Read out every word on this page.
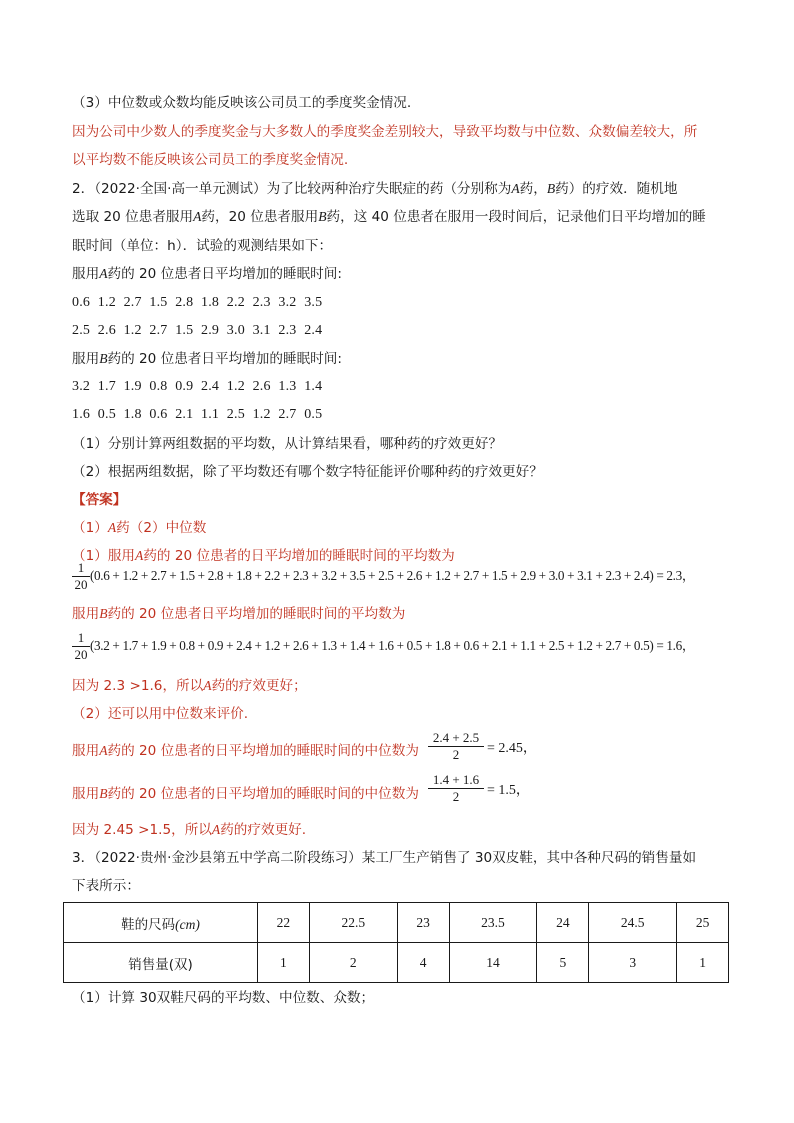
（3）中位数或众数均能反映该公司员工的季度奖金情况.
因为公司中少数人的季度奖金与大多数人的季度奖金差别较大，导致平均数与中位数、众数偏差较大，所
以平均数不能反映该公司员工的季度奖金情况.
2．（2022·全国·高一单元测试）为了比较两种治疗失眠症的药（分别称为A药，B药）的疗效．随机地
选取 20 位患者服用A药，20 位患者服用B药，这 40 位患者在服用一段时间后，记录他们日平均增加的睡
眠时间（单位：h）．试验的观测结果如下：
服用A药的 20 位患者日平均增加的睡眠时间:
0.6 1.2 2.7 1.5 2.8 1.8 2.2 2.3 3.2 3.5
2.5 2.6 1.2 2.7 1.5 2.9 3.0 3.1 2.3 2.4
服用B药的 20 位患者日平均增加的睡眠时间:
3.2 1.7 1.9 0.8 0.9 2.4 1.2 2.6 1.3 1.4
1.6 0.5 1.8 0.6 2.1 1.1 2.5 1.2 2.7 0.5
（1）分别计算两组数据的平均数，从计算结果看，哪种药的疗效更好？
（2）根据两组数据，除了平均数还有哪个数字特征能评价哪种药的疗效更好？
【答案】
（1）A药（2）中位数
（1）服用A药的 20 位患者的日平均增加的睡眠时间的平均数为
1
20
(0.6 + 1.2 + 2.7 + 1.5 + 2.8 + 1.8 + 2.2 + 2.3 + 3.2 + 3.5 + 2.5 + 2.6 + 1.2 + 2.7 + 1.5 + 2.9 + 3.0 + 3.1 + 2.3 + 2.4) = 2.3，
服用B药的 20 位患者日平均增加的睡眠时间的平均数为
1
20
(3.2 + 1.7 + 1.9 + 0.8 + 0.9 + 2.4 + 1.2 + 2.6 + 1.3 + 1.4 + 1.6 + 0.5 + 1.8 + 0.6 + 2.1 + 1.1 + 2.5 + 1.2 + 2.7 + 0.5) = 1.6，
因为 2.3 >1.6，所以A药的疗效更好；
（2）还可以用中位数来评价.
服用A药的 20 位患者的日平均增加的睡眠时间的中位数为
2.4 + 2.5
2	= 2.45，
服用B药的 20 位患者的日平均增加的睡眠时间的中位数为
1.4 + 1.6
2	= 1.5，
因为 2.45 >1.5，所以A药的疗效更好.
3．（2022·贵州·金沙县第五中学高二阶段练习）某工厂生产销售了 30双皮鞋，其中各种尺码的销售量如
下表所示：
鞋的尺码(cm)	22	22.5	23	23.5	24	24.5	25
销售量(双)	1	2	4	14	5	3	1
（1）计算 30双鞋尺码的平均数、中位数、众数；
